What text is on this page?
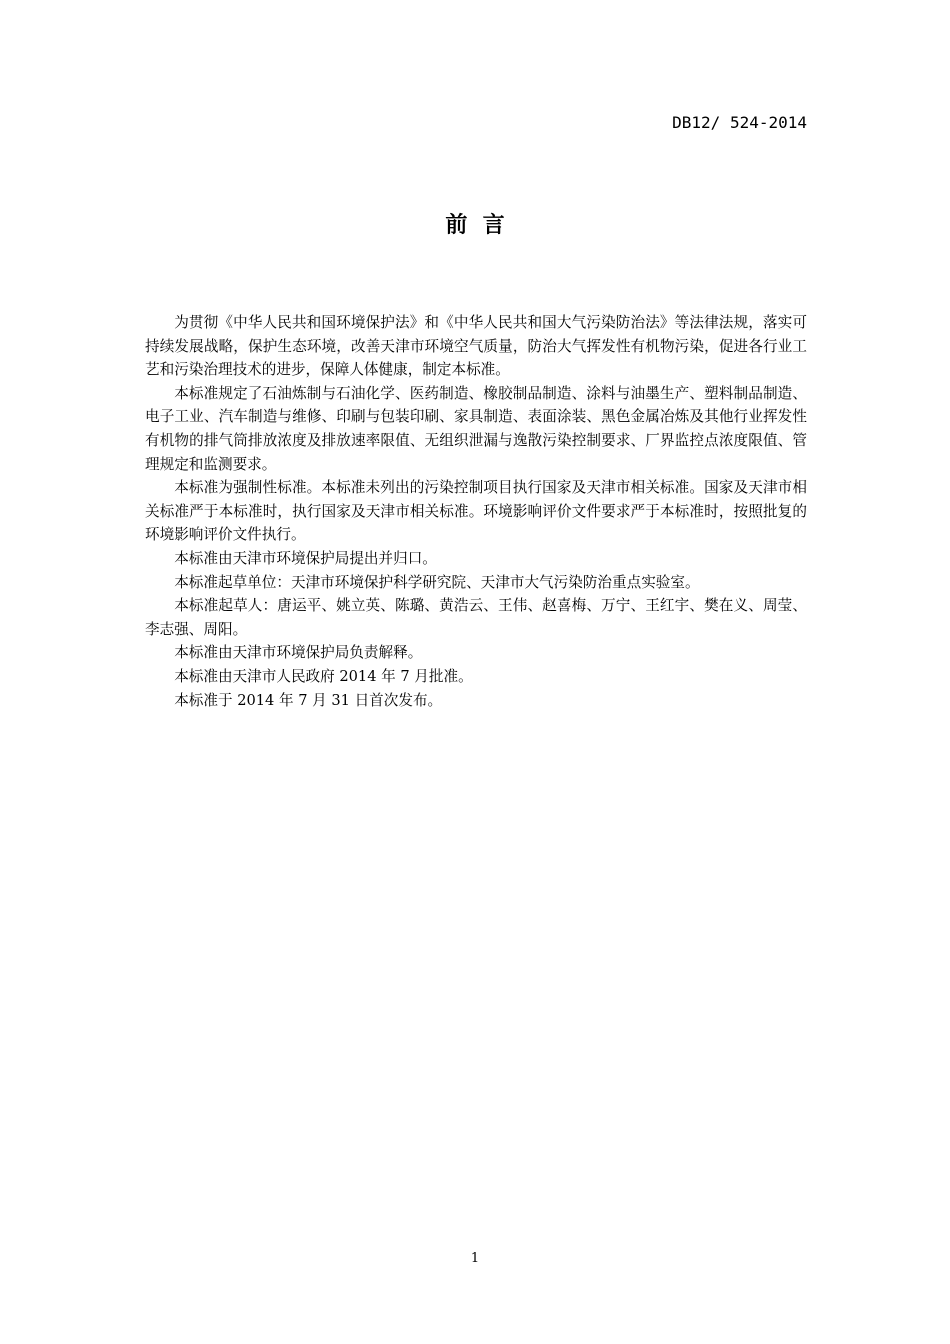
DB12/ 524-2014
前  言

为贯彻《中华人民共和国环境保护法》和《中华人民共和国大气污染防治法》等法律法规，落实可持续发展战略，保护生态环境，改善天津市环境空气质量，防治大气挥发性有机物污染，促进各行业工艺和污染治理技术的进步，保障人体健康，制定本标准。

本标准规定了石油炼制与石油化学、医药制造、橡胶制品制造、涂料与油墨生产、塑料制品制造、电子工业、汽车制造与维修、印刷与包装印刷、家具制造、表面涂装、黑色金属冶炼及其他行业挥发性有机物的排气筒排放浓度及排放速率限值、无组织泄漏与逸散污染控制要求、厂界监控点浓度限值、管理规定和监测要求。

本标准为强制性标准。本标准未列出的污染控制项目执行国家及天津市相关标准。国家及天津市相关标准严于本标准时，执行国家及天津市相关标准。环境影响评价文件要求严于本标准时，按照批复的环境影响评价文件执行。

本标准由天津市环境保护局提出并归口。

本标准起草单位：天津市环境保护科学研究院、天津市大气污染防治重点实验室。

本标准起草人：唐运平、姚立英、陈璐、黄浩云、王伟、赵喜梅、万宁、王红宇、樊在义、周莹、李志强、周阳。

本标准由天津市环境保护局负责解释。

本标准由天津市人民政府 2014 年 7 月批准。

本标准于 2014 年 7 月 31 日首次发布。

1
